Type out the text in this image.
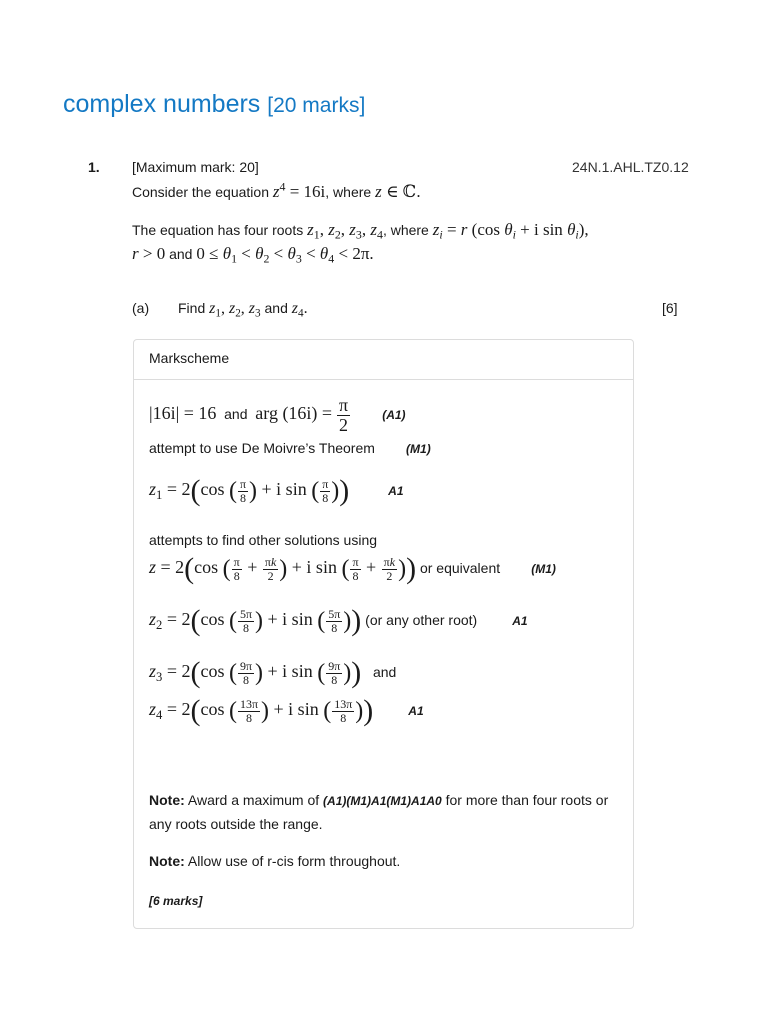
complex numbers [20 marks]
1. [Maximum mark: 20]	24N.1.AHL.TZ0.12
Consider the equation $z^4 = 16i$, where z ∈ ℂ.
The equation has four roots $z_1$, $z_2$, $z_3$, $z_4$, where $z_i = r$ (cos $\theta_i + i$ $\sin \theta_i$),
r > 0 and $0 \le \theta_1 < \theta_2 < \theta_3 < \theta_4 < 2\pi$.
(a) Find $z_1$, $z_2$, $z_3$ and $z_4$.	[6]
Markscheme
|16i| = 16 and arg $(16i) = \frac{\pi}{2}$	(A1)
attempt to use De Moivre’s Theorem	(M1)
$z_1 = 2(\cos$ ( $\frac{\pi}{8}$ ) + i sin ( $\frac{\pi}{8}$ ))	A1
attempts to find other solutions using
z = 2(cos ( $\frac{\pi}{8} + \frac{\pi k}{2}$ ) + i sin ( $\frac{\pi}{8} + \frac{\pi k}{2}$ )) or equivalent	(M1)
$z_2 = 2(\cos$ ( $\frac{5\pi}{8}$ ) + i sin ( $\frac{5\pi}{8}$ )) (or any other root)	A1
$z_3 = 2(\cos$ ( $\frac{9\pi}{8}$ ) + i sin ( $\frac{9\pi}{8}$ )) and
$z_4 = 2(\cos$ ( $\frac{13\pi}{8}$ ) + i sin ( $\frac{13\pi}{8}$ ))	A1
Note: Award a maximum of (A1)(M1)A1(M1)A1A0 for more than four roots or any roots outside the range.
Note: Allow use of r-cis form throughout.
[6 marks]
